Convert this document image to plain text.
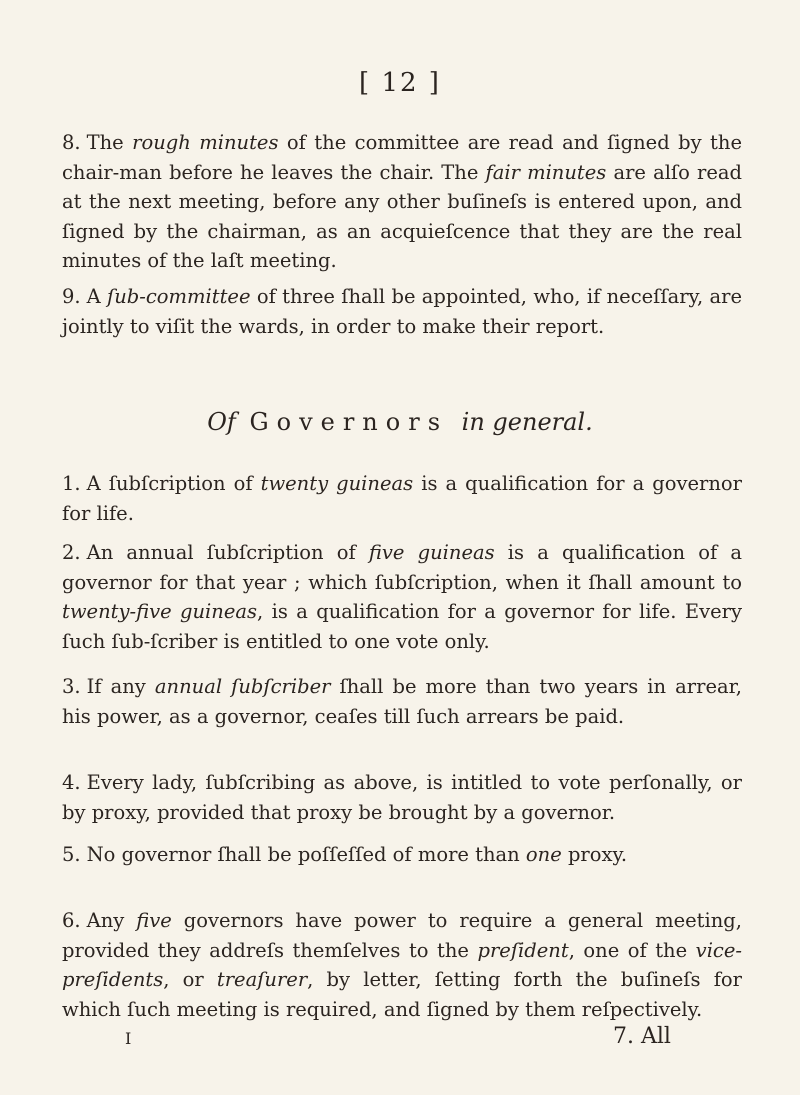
[ 12 ]
8. The rough minutes of the committee are read and ſigned by the chair-man before he leaves the chair. The fair minutes are alſo read at the next meeting, before any other buſineſs is entered upon, and ſigned by the chairman, as an acquieſcence that they are the real minutes of the laſt meeting.
9. A ſub-committee of three ſhall be appointed, who, if neceſſary, are jointly to viſit the wards, in order to make their report.
Of Governors in general.
1. A ſubſcription of twenty guineas is a qualification for a governor for life.
2. An annual ſubſcription of five guineas is a qualification of a governor for that year ; which ſubſcription, when it ſhall amount to twenty-five guineas, is a qualification for a governor for life. Every ſuch ſub-ſcriber is entitled to one vote only.
3. If any annual ſubſcriber ſhall be more than two years in arrear, his power, as a governor, ceaſes till ſuch arrears be paid.
4. Every lady, ſubſcribing as above, is intitled to vote perſonally, or by proxy, provided that proxy be brought by a governor.
5. No governor ſhall be poſſeſſed of more than one proxy.
6. Any five governors have power to require a general meeting, provided they addreſs themſelves to the preſident, one of the vice-preſidents, or treaſurer, by letter, ſetting forth the buſineſs for which ſuch meeting is required, and ſigned by them reſpectively.
I	7. All
